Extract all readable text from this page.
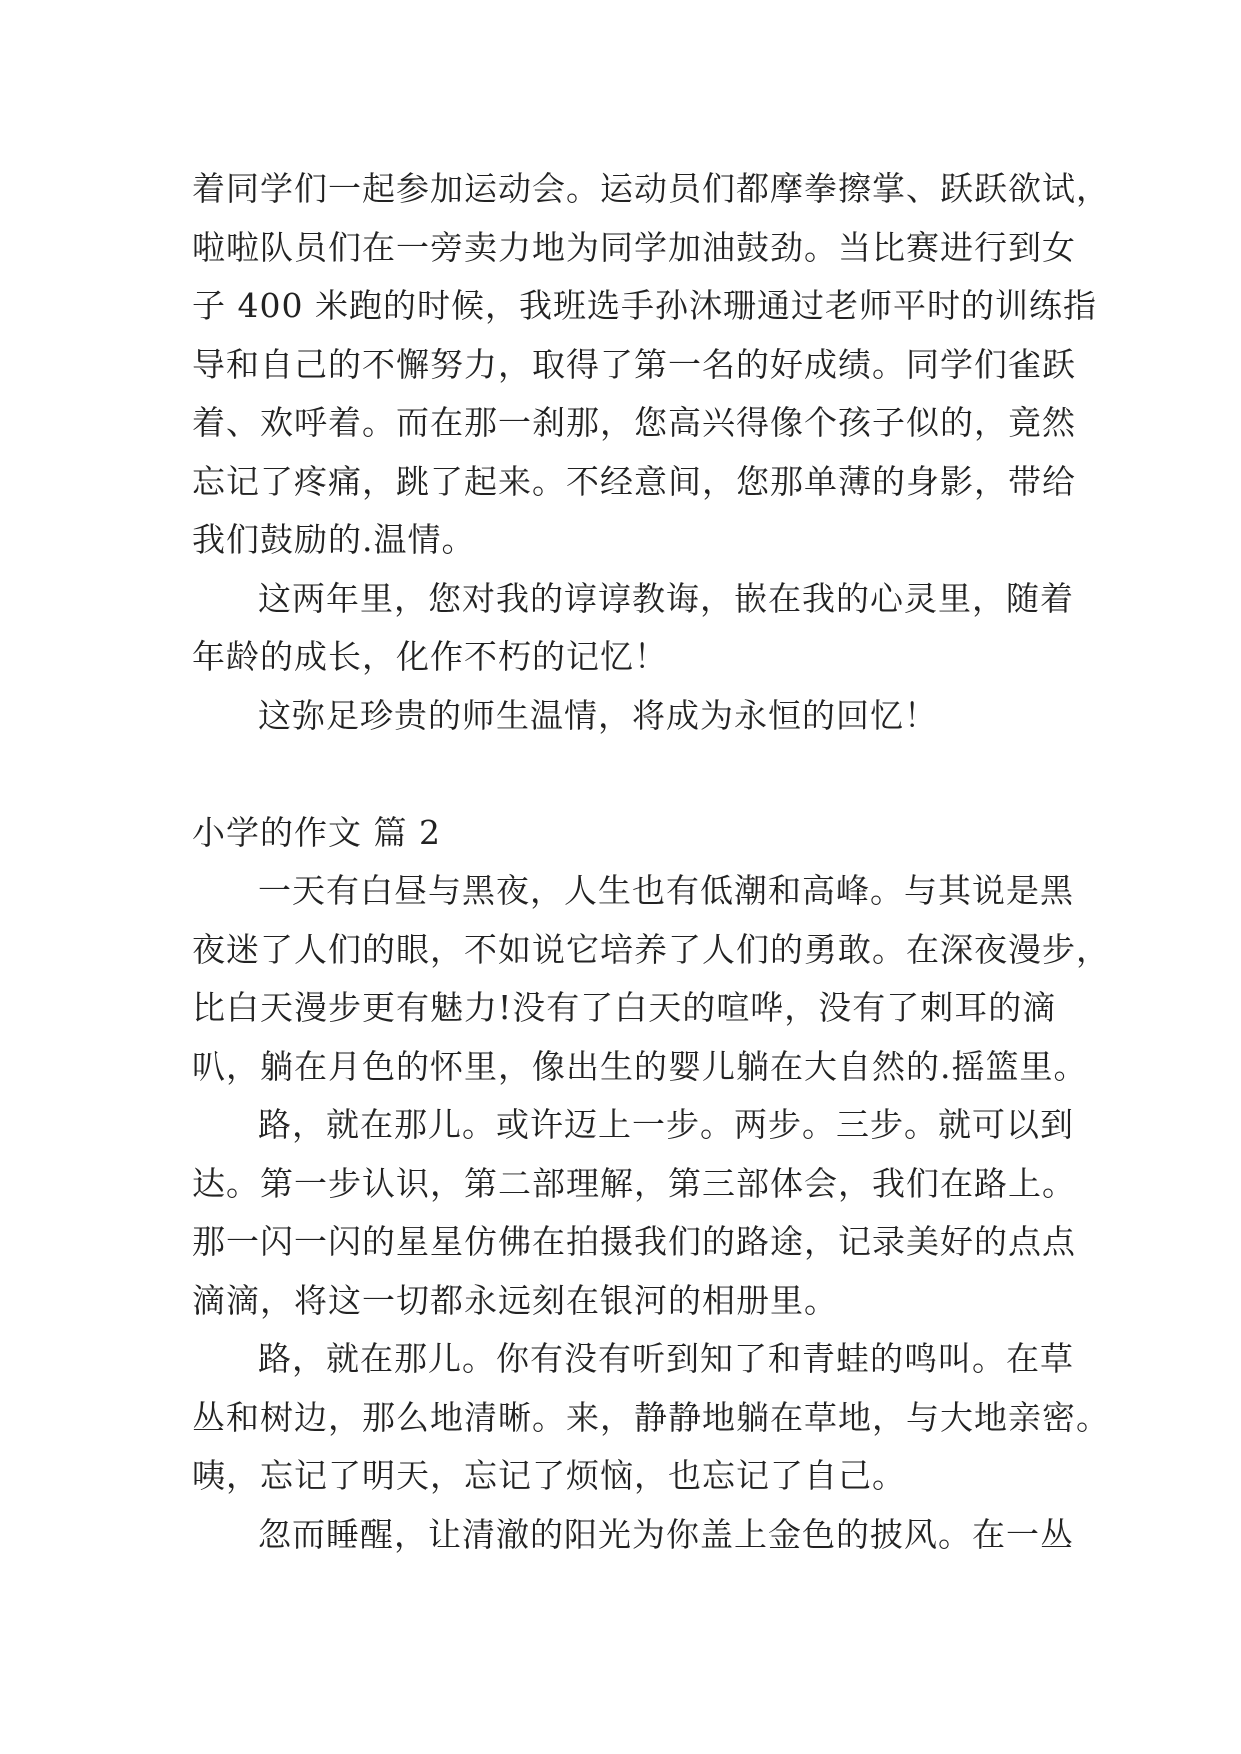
着同学们一起参加运动会。运动员们都摩拳擦掌、跃跃欲试，
啦啦队员们在一旁卖力地为同学加油鼓劲。当比赛进行到女
子 400 米跑的时候，我班选手孙沐珊通过老师平时的训练指
导和自己的不懈努力，取得了第一名的好成绩。同学们雀跃
着、欢呼着。而在那一刹那，您高兴得像个孩子似的，竟然
忘记了疼痛，跳了起来。不经意间，您那单薄的身影，带给
我们鼓励的.温情。
这两年里，您对我的谆谆教诲，嵌在我的心灵里，随着
年龄的成长，化作不朽的记忆！
这弥足珍贵的师生温情，将成为永恒的回忆！
小学的作文 篇 2
一天有白昼与黑夜，人生也有低潮和高峰。与其说是黑
夜迷了人们的眼，不如说它培养了人们的勇敢。在深夜漫步，
比白天漫步更有魅力!没有了白天的喧哗，没有了刺耳的滴
叭，躺在月色的怀里，像出生的婴儿躺在大自然的.摇篮里。
路，就在那儿。或许迈上一步。两步。三步。就可以到
达。第一步认识，第二部理解，第三部体会，我们在路上。
那一闪一闪的星星仿佛在拍摄我们的路途，记录美好的点点
滴滴，将这一切都永远刻在银河的相册里。
路，就在那儿。你有没有听到知了和青蛙的鸣叫。在草
丛和树边，那么地清晰。来，静静地躺在草地，与大地亲密。
咦，忘记了明天，忘记了烦恼，也忘记了自己。
忽而睡醒，让清澈的阳光为你盖上金色的披风。在一丛
